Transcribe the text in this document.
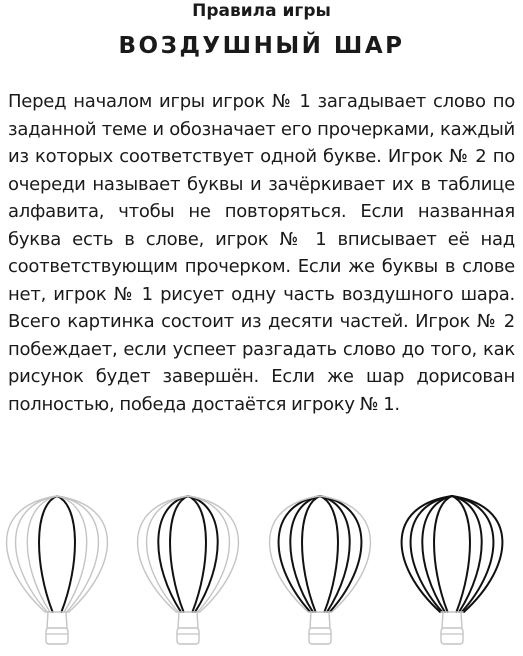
Правила игры
ВОЗДУШНЫЙ ШАР

Перед началом игры игрок № 1 загадывает слово по заданной теме и обозначает его прочерками, каждый из которых соответствует одной букве. Игрок № 2 по очереди называет буквы и зачёркивает их в таблице алфавита, чтобы не повторяться. Если названная буква есть в слове, игрок № 1 вписывает её над соответствующим прочерком. Если же буквы в слове нет, игрок № 1 рисует одну часть воздушного шара. Всего картинка состоит из десяти частей. Игрок № 2 побеждает, если успеет разгадать слово до того, как рисунок будет завершён. Если же шар дорисован полностью, победа достаётся игроку № 1.
